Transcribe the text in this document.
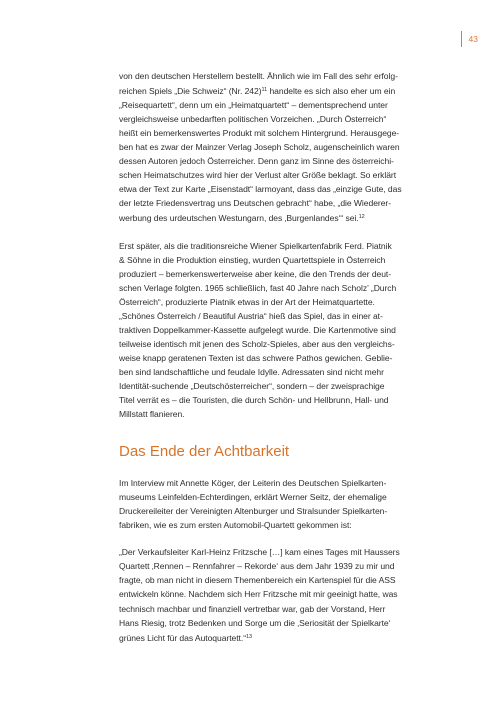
43

von den deutschen Herstellern bestellt. Ähnlich wie im Fall des sehr erfolg-
reichen Spiels „Die Schweiz“ (Nr. 242)$^{11}$ handelte es sich also eher um ein
„Reisequartett“, denn um ein „Heimatquartett“ – dementsprechend unter
vergleichsweise unbedarften politischen Vorzeichen. „Durch Österreich“
heißt ein bemerkenswertes Produkt mit solchem Hintergrund. Herausgege-
ben hat es zwar der Mainzer Verlag Joseph Scholz, augenscheinlich waren
dessen Autoren jedoch Österreicher. Denn ganz im Sinne des österreichi-
schen Heimatschutzes wird hier der Verlust alter Größe beklagt. So erklärt
etwa der Text zur Karte „Eisenstadt“ larmoyant, dass das „einzige Gute, das
der letzte Friedensvertrag uns Deutschen gebracht“ habe, „die Wiederer-
werbung des urdeutschen Westungarn, des ‚Burgenlandes‘“ sei.$^{12}$

Erst später, als die traditionsreiche Wiener Spielkartenfabrik Ferd. Piatnik
& Söhne in die Produktion einstieg, wurden Quartettspiele in Österreich
produziert – bemerkenswerterweise aber keine, die den Trends der deut-
schen Verlage folgten. 1965 schließlich, fast 40 Jahre nach Scholz’ „Durch
Österreich“, produzierte Piatnik etwas in der Art der Heimatquartette.
„Schönes Österreich / Beautiful Austria“ hieß das Spiel, das in einer at-
traktiven Doppelkammer-Kassette aufgelegt wurde. Die Kartenmotive sind
teilweise identisch mit jenen des Scholz-Spieles, aber aus den vergleichs-
weise knapp geratenen Texten ist das schwere Pathos gewichen. Geblie-
ben sind landschaftliche und feudale Idylle. Adressaten sind nicht mehr
Identität-suchende „Deutschösterreicher“, sondern – der zweisprachige
Titel verrät es – die Touristen, die durch Schön- und Hellbrunn, Hall- und
Millstatt flanieren.

Das Ende der Achtbarkeit

Im Interview mit Annette Köger, der Leiterin des Deutschen Spielkarten-
museums Leinfelden-Echterdingen, erklärt Werner Seitz, der ehemalige
Druckereileiter der Vereinigten Altenburger und Stralsunder Spielkarten-
fabriken, wie es zum ersten Automobil-Quartett gekommen ist:

„Der Verkaufsleiter Karl-Heinz Fritzsche […] kam eines Tages mit Haussers
Quartett ‚Rennen – Rennfahrer – Rekorde‘ aus dem Jahr 1939 zu mir und
fragte, ob man nicht in diesem Themenbereich ein Kartenspiel für die ASS
entwickeln könne. Nachdem sich Herr Fritzsche mit mir geeinigt hatte, was
technisch machbar und finanziell vertretbar war, gab der Vorstand, Herr
Hans Riesig, trotz Bedenken und Sorge um die ‚Seriosität der Spielkarte‘
grünes Licht für das Autoquartett.“$^{13}$
